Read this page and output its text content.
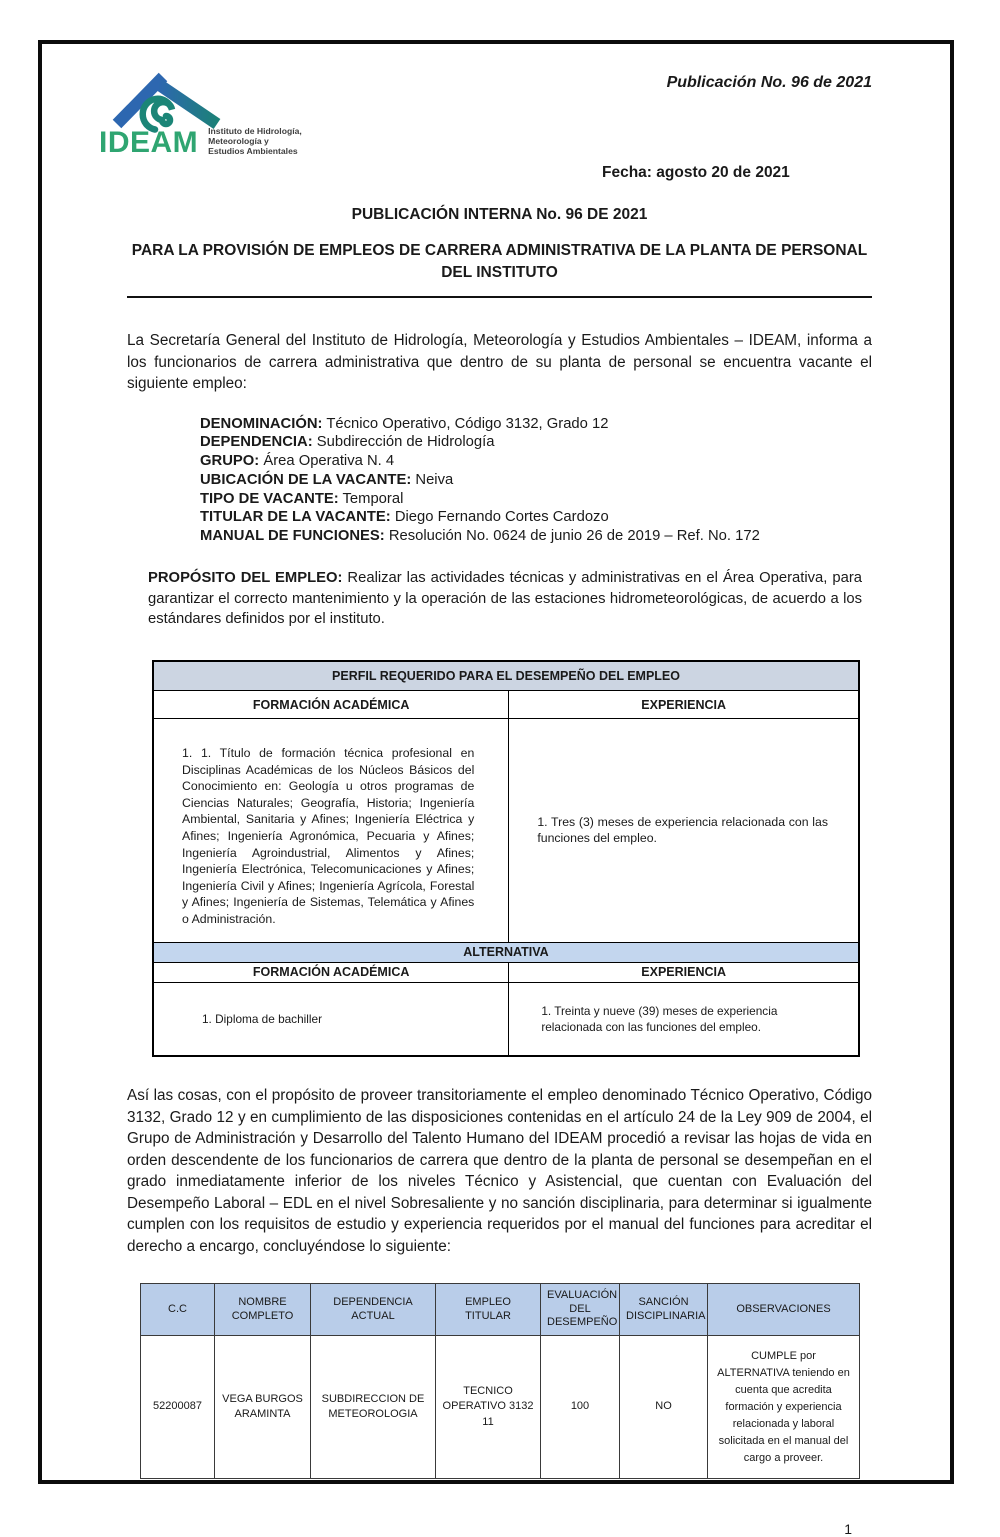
IDEAM Instituto de Hidrología,
Meteorología y
Estudios Ambientales
Publicación No. 96 de 2021
Fecha: agosto 20 de 2021
PUBLICACIÓN INTERNA No. 96 DE 2021
PARA LA PROVISIÓN DE EMPLEOS DE CARRERA ADMINISTRATIVA DE LA PLANTA DE PERSONAL DEL INSTITUTO

La Secretaría General del Instituto de Hidrología, Meteorología y Estudios Ambientales – IDEAM, informa a los funcionarios de carrera administrativa que dentro de su planta de personal se encuentra vacante el siguiente empleo:

DENOMINACIÓN: Técnico Operativo, Código 3132, Grado 12
DEPENDENCIA: Subdirección de Hidrología
GRUPO: Área Operativa N. 4
UBICACIÓN DE LA VACANTE: Neiva
TIPO DE VACANTE: Temporal
TITULAR DE LA VACANTE: Diego Fernando Cortes Cardozo
MANUAL DE FUNCIONES: Resolución No. 0624 de junio 26 de 2019 – Ref. No. 172

PROPÓSITO DEL EMPLEO: Realizar las actividades técnicas y administrativas en el Área Operativa, para garantizar el correcto mantenimiento y la operación de las estaciones hidrometeorológicas, de acuerdo a los estándares definidos por el instituto.

PERFIL REQUERIDO PARA EL DESEMPEÑO DEL EMPLEO	
FORMACIÓN ACADÉMICA	EXPERIENCIA
1. 1. Título de formación técnica profesional en Disciplinas Académicas de los Núcleos Básicos del Conocimiento en: Geología u otros programas de Ciencias Naturales; Geografía, Historia; Ingeniería Ambiental, Sanitaria y Afines; Ingeniería Eléctrica y Afines; Ingeniería Agronómica, Pecuaria y Afines; Ingeniería Agroindustrial, Alimentos y Afines; Ingeniería Electrónica, Telecomunicaciones y Afines; Ingeniería Civil y Afines; Ingeniería Agrícola, Forestal y Afines; Ingeniería de Sistemas, Telemática y Afines o Administración.	1. Tres (3) meses de experiencia relacionada con las funciones del empleo.
ALTERNATIVA	
FORMACIÓN ACADÉMICA	EXPERIENCIA
1. Diploma de bachiller	1. Treinta y nueve (39) meses de experiencia relacionada con las funciones del empleo.

Así las cosas, con el propósito de proveer transitoriamente el empleo denominado Técnico Operativo, Código 3132, Grado 12 y en cumplimiento de las disposiciones contenidas en el artículo 24 de la Ley 909 de 2004, el Grupo de Administración y Desarrollo del Talento Humano del IDEAM procedió a revisar las hojas de vida en orden descendente de los funcionarios de carrera que dentro de la planta de personal se desempeñan en el grado inmediatamente inferior de los niveles Técnico y Asistencial, que cuentan con Evaluación del Desempeño Laboral – EDL en el nivel Sobresaliente y no sanción disciplinaria, para determinar si igualmente cumplen con los requisitos de estudio y experiencia requeridos por el manual del funciones para acreditar el derecho a encargo, concluyéndose lo siguiente:

C.C	NOMBRE COMPLETO	DEPENDENCIA ACTUAL	EMPLEO TITULAR	EVALUACIÓN DEL DESEMPEÑO	SANCIÓN DISCIPLINARIA	OBSERVACIONES
52200087	VEGA BURGOS ARAMINTA	SUBDIRECCION DE METEOROLOGIA	TECNICO OPERATIVO 3132 11	100	NO	CUMPLE por ALTERNATIVA teniendo en cuenta que acredita formación y experiencia relacionada y laboral solicitada en el manual del cargo a proveer.
1
